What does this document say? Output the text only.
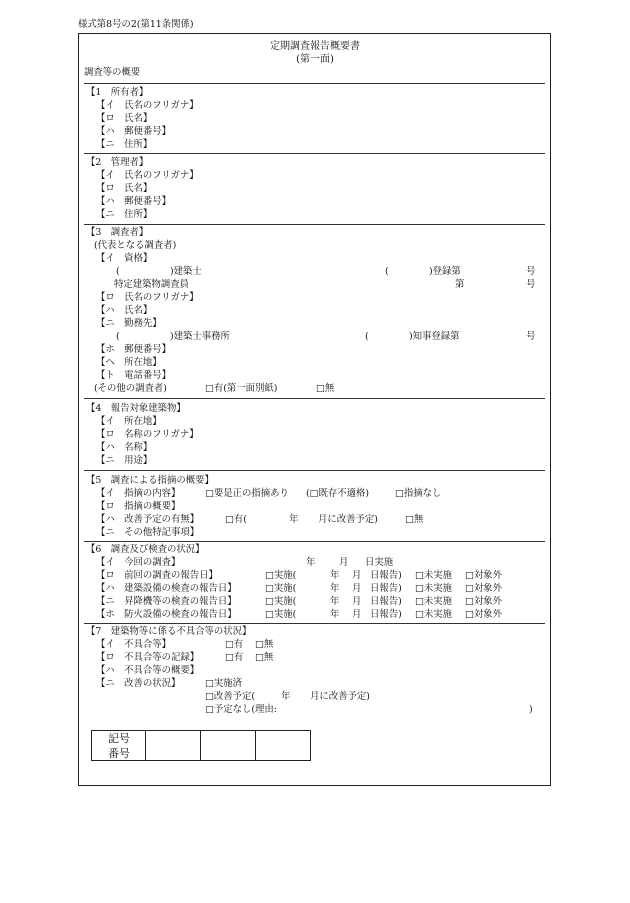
様式第8号の2(第11条関係)
定期調査報告概要書
(第一面)
調査等の概要
【1　所有者】
【イ　氏名のフリガナ】
【ロ　氏名】
【ハ　郵便番号】
【ニ　住所】
【2　管理者】
【イ　氏名のフリガナ】
【ロ　氏名】
【ハ　郵便番号】
【ニ　住所】
【3　調査者】
(代表となる調査者)
【イ　資格】
(	)建築士	(	)登録第	号
特定建築物調査員	第	号
【ロ　氏名のフリガナ】
【ハ　氏名】
【ニ　勤務先】
(	)建築士事務所	(	)知事登録第	号
【ホ　郵便番号】
【ヘ　所在地】
【ト　電話番号】
(その他の調査者)	□有(第一面別紙)	□無
【4　報告対象建築物】
【イ　所在地】
【ロ　名称のフリガナ】
【ハ　名称】
【ニ　用途】
【5　調査による指摘の概要】
【イ　指摘の内容】	□要是正の指摘あり (□既存不適格)	□指摘なし
【ロ　指摘の概要】
【ハ　改善予定の有無】	□有(	年 月に改善予定)	□無
【ニ　その他特記事項】
【6　調査及び検査の状況】
【イ　今回の調査】	年	月 日実施
【ロ　前回の調査の報告日】	□実施(	年 月 日報告) □未実施 □対象外
【ハ　建築設備の検査の報告日】	□実施(	年 月 日報告) □未実施 □対象外
【ニ　昇降機等の検査の報告日】	□実施(	年 月 日報告) □未実施 □対象外
【ホ　防火設備の検査の報告日】	□実施(	年 月 日報告) □未実施 □対象外
【7　建築物等に係る不具合等の状況】
【イ　不具合等】	□有 □無
【ロ　不具合等の記録】	□有 □無
【ハ　不具合等の概要】
【ニ　改善の状況】	□実施済
□改善予定(	年 月に改善予定)
□予定なし(理由:	)
記号
番号
